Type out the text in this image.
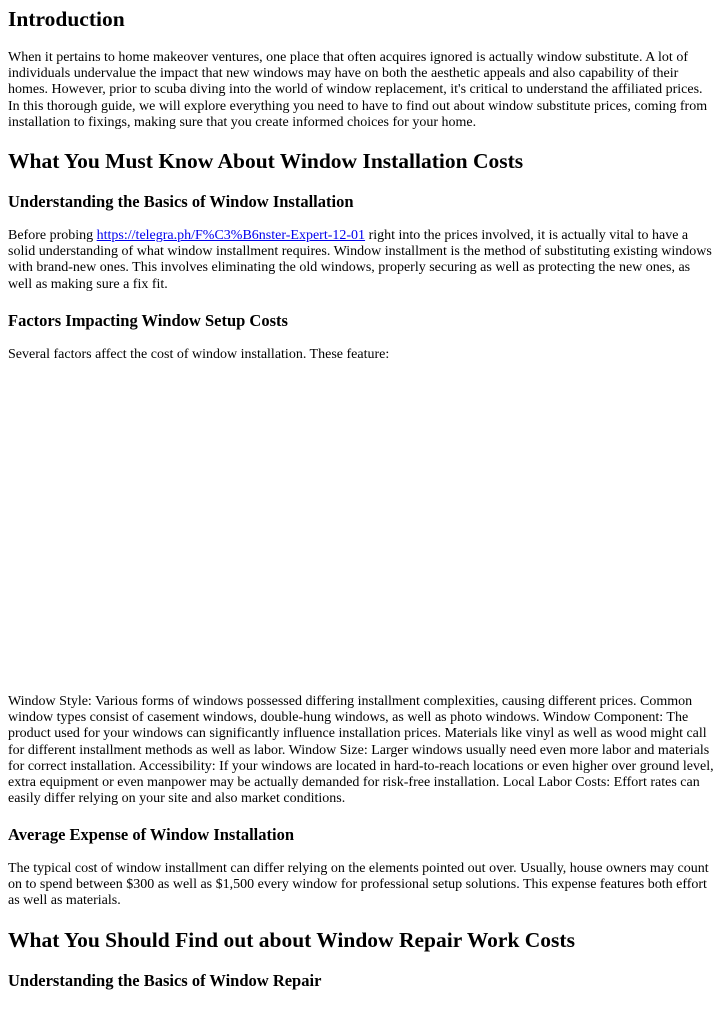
Introduction

When it pertains to home makeover ventures, one place that often acquires ignored is actually window substitute. A lot of individuals undervalue the impact that new windows may have on both the aesthetic appeals and also capability of their homes. However, prior to scuba diving into the world of window replacement, it's critical to understand the affiliated prices. In this thorough guide, we will explore everything you need to have to find out about window substitute prices, coming from installation to fixings, making sure that you create informed choices for your home.

What You Must Know About Window Installation Costs
Understanding the Basics of Window Installation

Before probing https://telegra.ph/F%C3%B6nster-Expert-12-01 right into the prices involved, it is actually vital to have a solid understanding of what window installment requires. Window installment is the method of substituting existing windows with brand-new ones. This involves eliminating the old windows, properly securing as well as protecting the new ones, as well as making sure a fix fit.

Factors Impacting Window Setup Costs

Several factors affect the cost of window installation. These feature:

Window Style: Various forms of windows possessed differing installment complexities, causing different prices. Common window types consist of casement windows, double-hung windows, as well as photo windows. Window Component: The product used for your windows can significantly influence installation prices. Materials like vinyl as well as wood might call for different installment methods as well as labor. Window Size: Larger windows usually need even more labor and materials for correct installation. Accessibility: If your windows are located in hard-to-reach locations or even higher over ground level, extra equipment or even manpower may be actually demanded for risk-free installation. Local Labor Costs: Effort rates can easily differ relying on your site and also market conditions.

Average Expense of Window Installation

The typical cost of window installment can differ relying on the elements pointed out over. Usually, house owners may count on to spend between $300 as well as $1,500 every window for professional setup solutions. This expense features both effort as well as materials.

What You Should Find out about Window Repair Work Costs
Understanding the Basics of Window Repair
